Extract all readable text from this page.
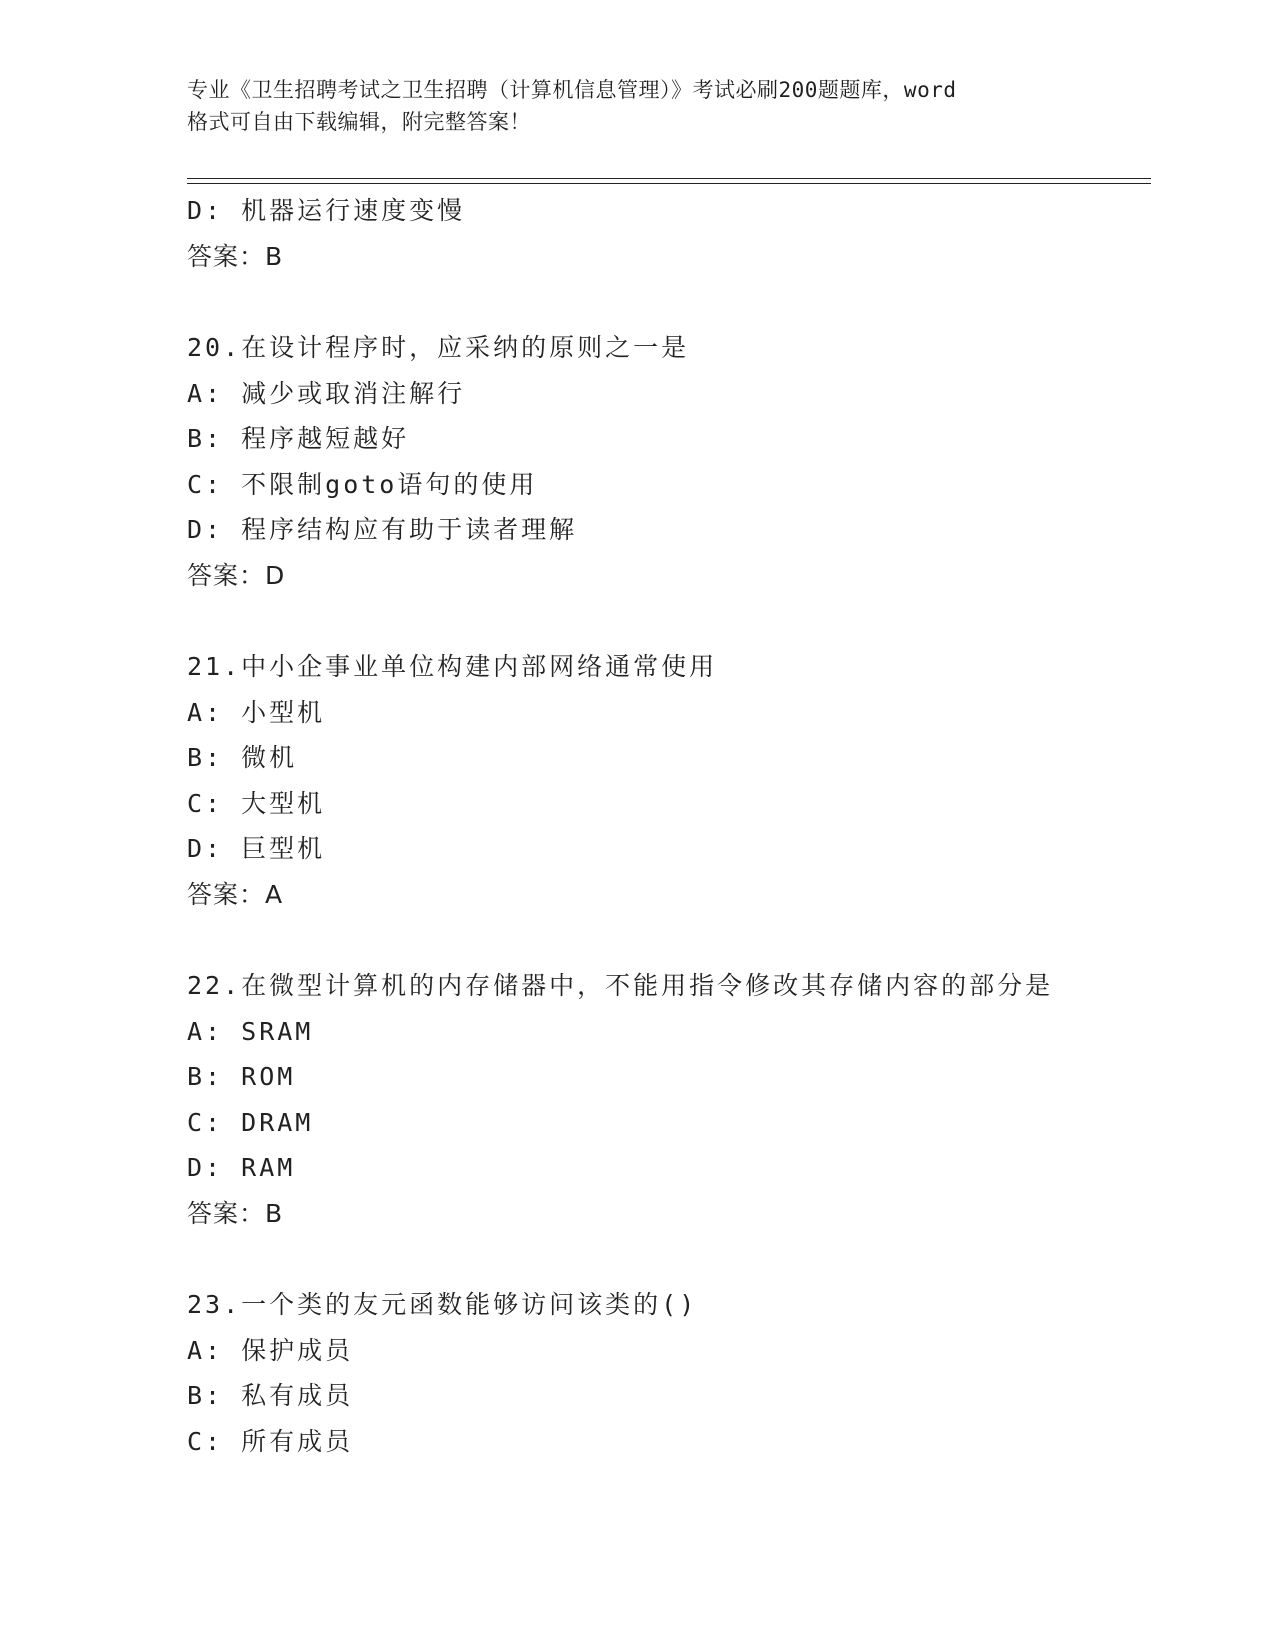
专业《卫生招聘考试之卫生招聘（计算机信息管理）》考试必刷200题题库，word
格式可自由下载编辑，附完整答案！
D: 机器运行速度变慢
答案：B
20.在设计程序时，应采纳的原则之一是
A: 减少或取消注解行
B: 程序越短越好
C: 不限制goto语句的使用
D: 程序结构应有助于读者理解
答案：D
21.中小企事业单位构建内部网络通常使用
A: 小型机
B: 微机
C: 大型机
D: 巨型机
答案：A
22.在微型计算机的内存储器中，不能用指令修改其存储内容的部分是
A: SRAM
B: ROM
C: DRAM
D: RAM
答案：B
23.一个类的友元函数能够访问该类的()
A: 保护成员
B: 私有成员
C: 所有成员
